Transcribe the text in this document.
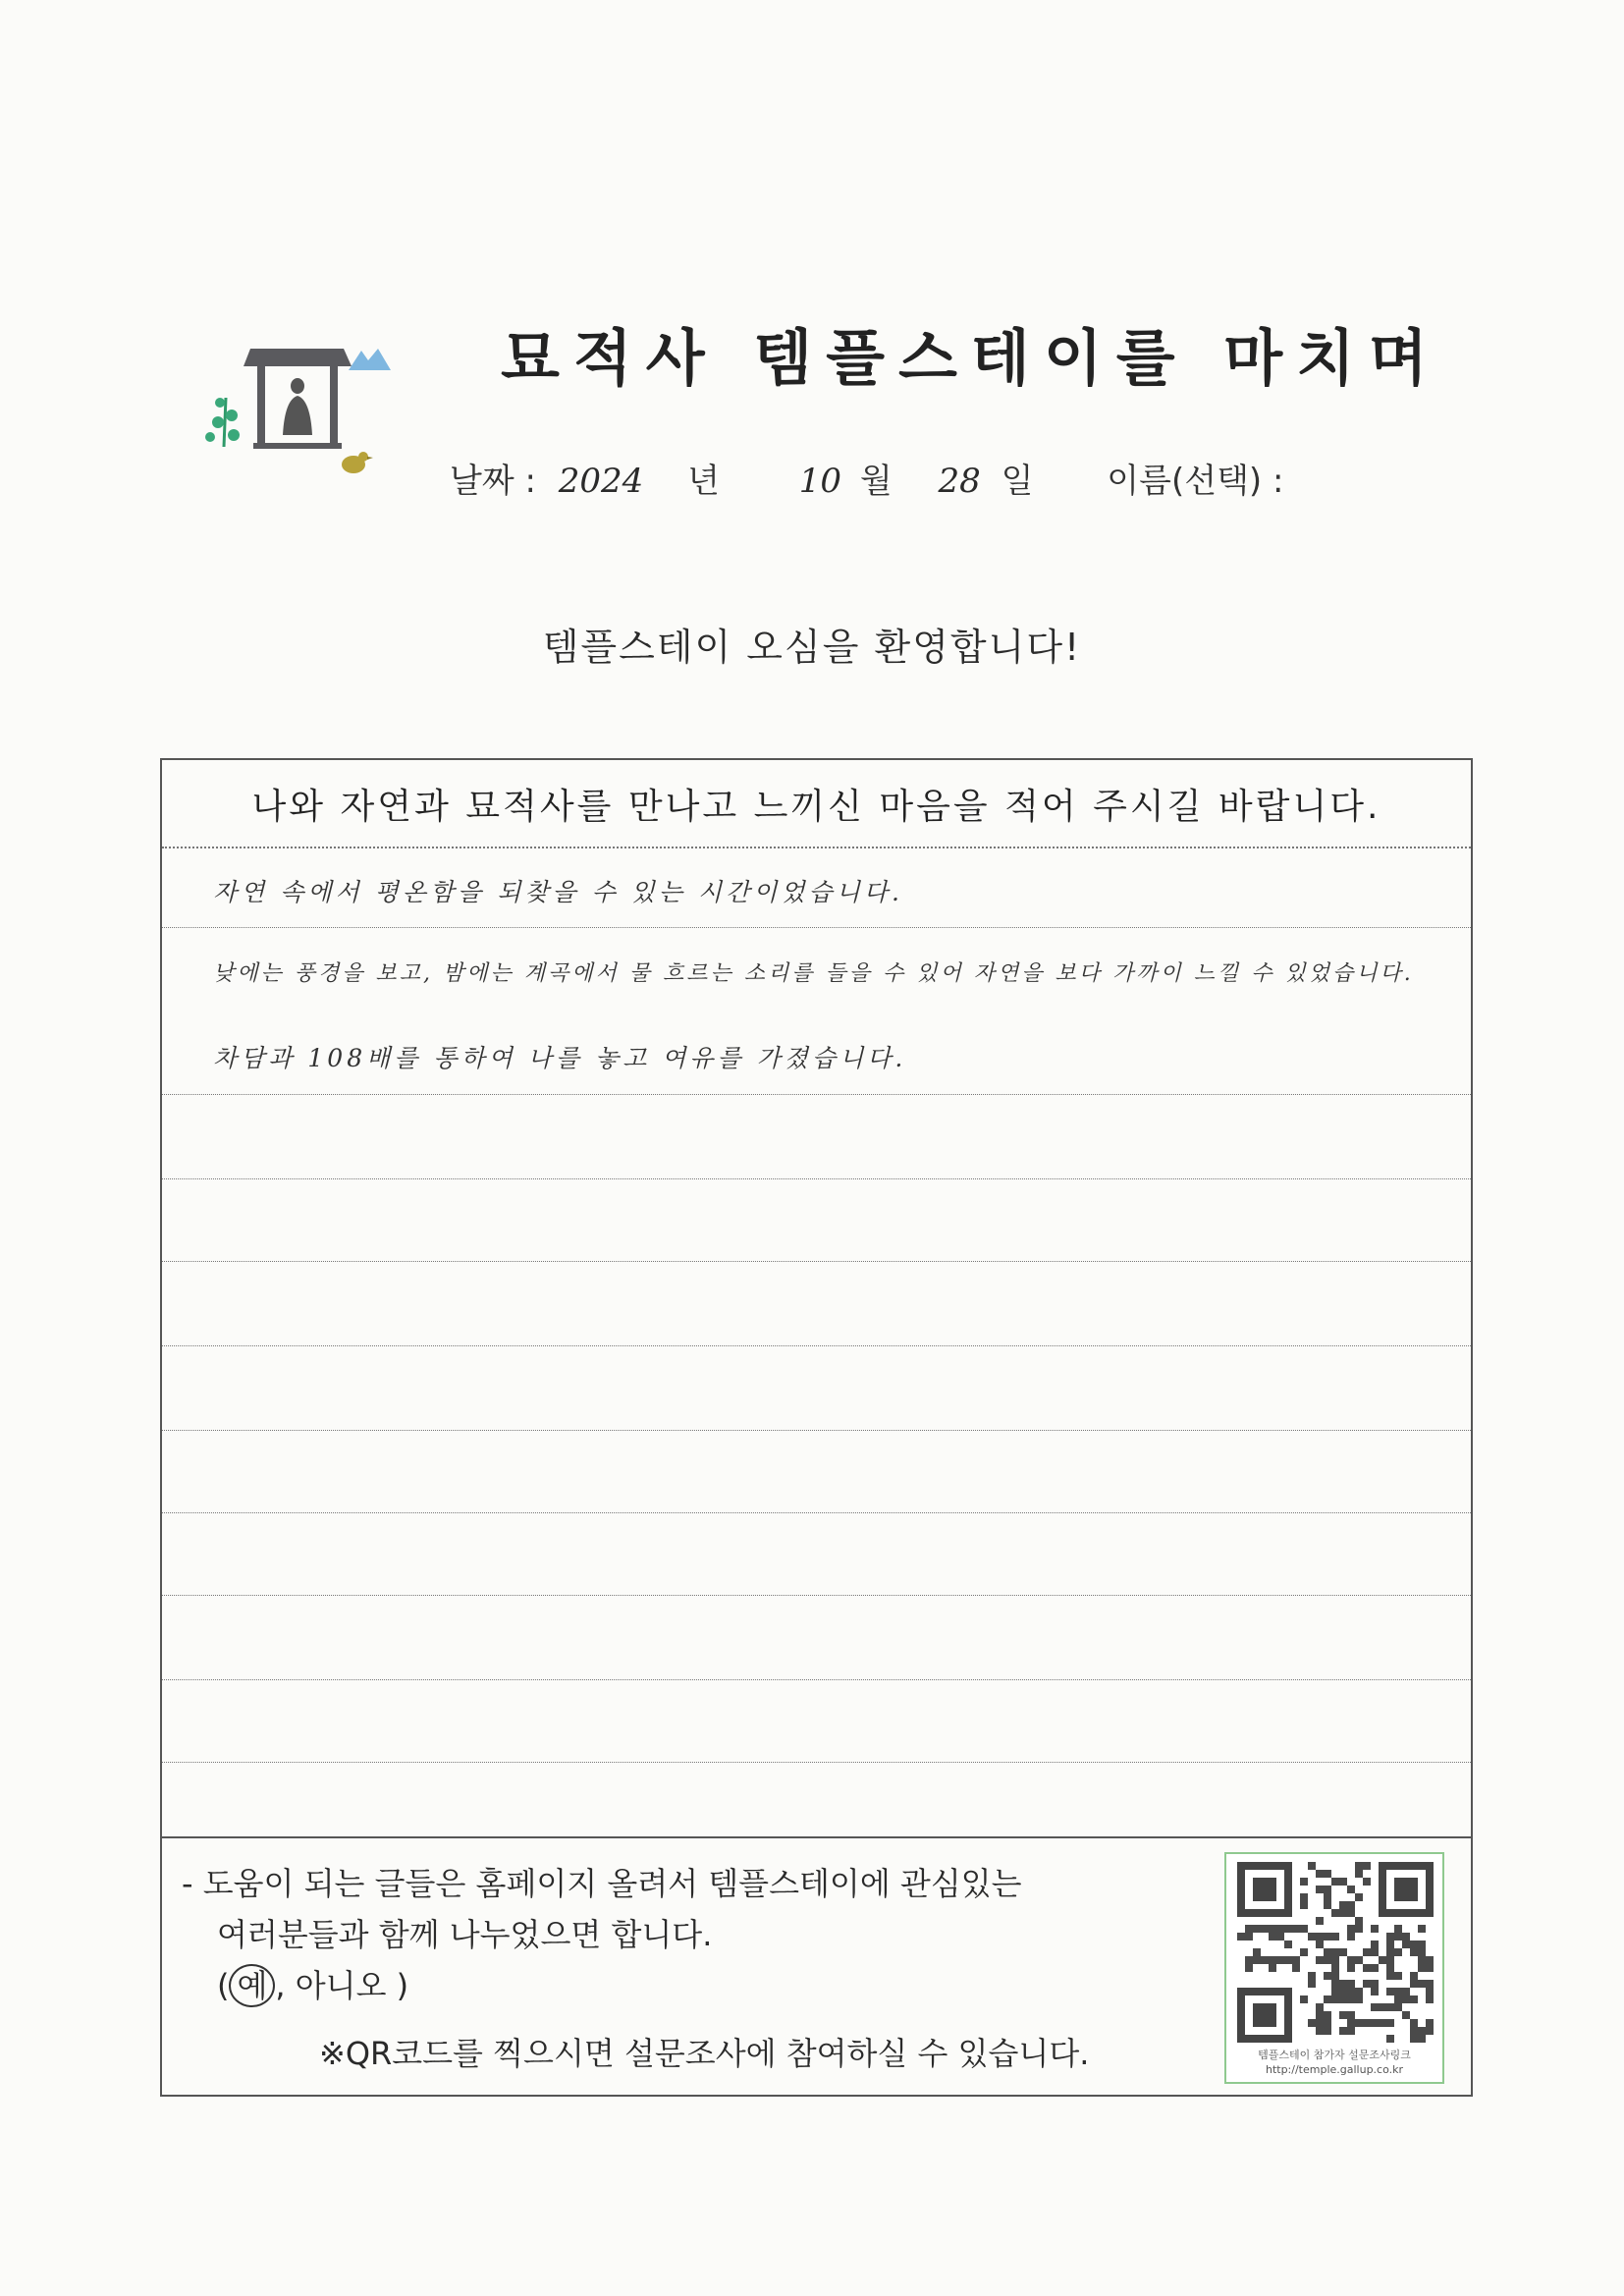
묘적사 템플스테이를 마치며
날짜 : 2024 년 10 월 28 일 이름(선택) :
템플스테이 오심을 환영합니다!
나와 자연과 묘적사를 만나고 느끼신 마음을 적어 주시길 바랍니다.
자연 속에서 평온함을 되찾을 수 있는 시간이었습니다.
낮에는 풍경을 보고, 밤에는 계곡에서 물 흐르는 소리를 들을 수 있어 자연을 보다 가까이 느낄 수 있었습니다.
차담과 108배를 통하여 나를 놓고 여유를 가졌습니다.
- 도움이 되는 글들은 홈페이지 올려서 템플스테이에 관심있는
여러분들과 함께 나누었으면 합니다.
( 예 , 아니오 )
※QR코드를 찍으시면 설문조사에 참여하실 수 있습니다.	템플스테이 참가자 설문조사링크
http://temple.gallup.co.kr
